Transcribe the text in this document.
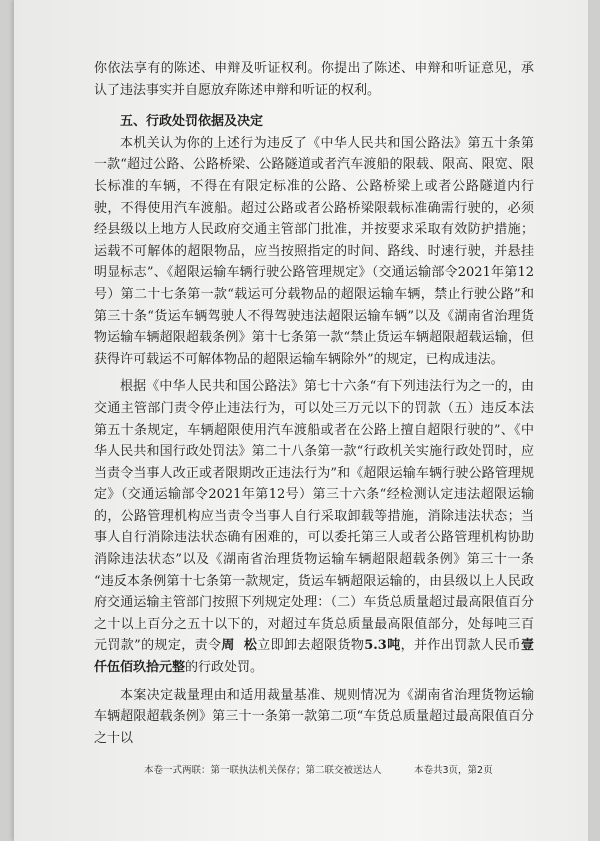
你依法享有的陈述、申辩及听证权利。你提出了陈述、申辩和听证意见，承认了违法事实并自愿放弃陈述申辩和听证的权利。

五、行政处罚依据及决定

本机关认为你的上述行为违反了《中华人民共和国公路法》第五十条第一款“超过公路、公路桥梁、公路隧道或者汽车渡船的限载、限高、限宽、限长标准的车辆，不得在有限定标准的公路、公路桥梁上或者公路隧道内行驶，不得使用汽车渡船。超过公路或者公路桥梁限载标准确需行驶的，必须经县级以上地方人民政府交通主管部门批准，并按要求采取有效防护措施；运载不可解体的超限物品，应当按照指定的时间、路线、时速行驶，并悬挂明显标志”、《超限运输车辆行驶公路管理规定》（交通运输部令2021年第12号）第二十七条第一款“载运可分载物品的超限运输车辆，禁止行驶公路”和第三十条“货运车辆驾驶人不得驾驶违法超限运输车辆”以及《湖南省治理货物运输车辆超限超载条例》第十七条第一款“禁止货运车辆超限超载运输，但获得许可载运不可解体物品的超限运输车辆除外”的规定，已构成违法。

根据《中华人民共和国公路法》第七十六条“有下列违法行为之一的，由交通主管部门责令停止违法行为，可以处三万元以下的罚款（五）违反本法第五十条规定，车辆超限使用汽车渡船或者在公路上擅自超限行驶的”、《中华人民共和国行政处罚法》第二十八条第一款“行政机关实施行政处罚时，应当责令当事人改正或者限期改正违法行为”和《超限运输车辆行驶公路管理规定》（交通运输部令2021年第12号）第三十六条“经检测认定违法超限运输的，公路管理机构应当责令当事人自行采取卸载等措施，消除违法状态；当事人自行消除违法状态确有困难的，可以委托第三人或者公路管理机构协助消除违法状态”以及《湖南省治理货物运输车辆超限超载条例》第三十一条 “违反本条例第十七条第一款规定，货运车辆超限运输的，由县级以上人民政府交通运输主管部门按照下列规定处理：（二）车货总质量超过最高限值百分之十以上百分之五十以下的，对超过车货总质量最高限值部分，处每吨三百元罚款”的规定，责令周 松立即卸去超限货物5.3吨，并作出罚款人民币壹仟伍佰玖拾元整的行政处罚。

本案决定裁量理由和适用裁量基准、规则情况为《湖南省治理货物运输车辆超限超载条例》第三十一条第一款第二项“车货总质量超过最高限值百分之十以

本卷一式两联：第一联执法机关保存；第二联交被送达人	本卷共3页，第2页
